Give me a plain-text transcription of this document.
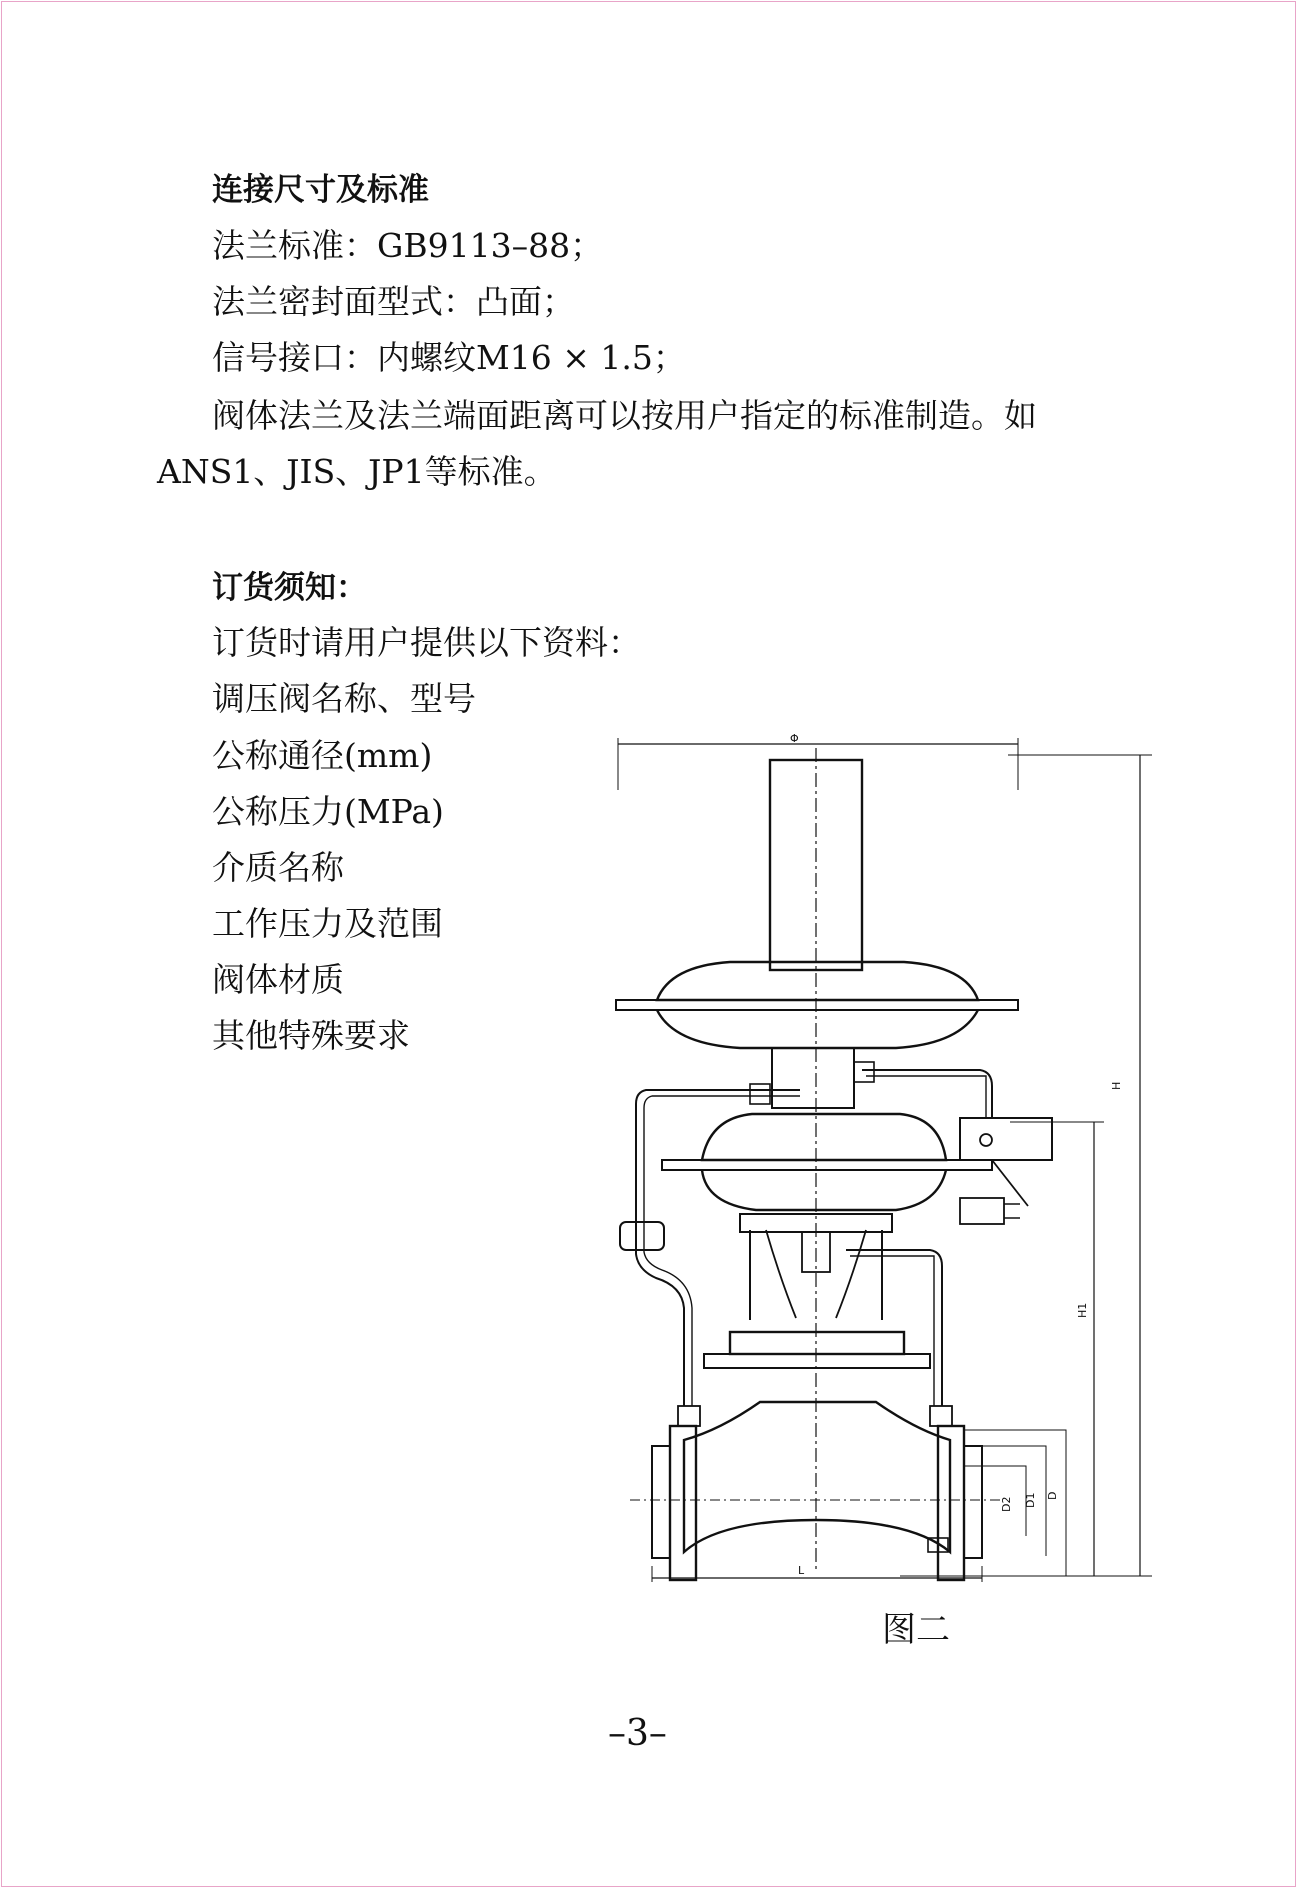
连接尺寸及标准
法兰标准：GB9113–88；
法兰密封面型式：凸面；
信号接口：内螺纹M16 × 1.5；
阀体法兰及法兰端面距离可以按用户指定的标准制造。如
ANS1、JIS、JP1等标准。
订货须知：
订货时请用户提供以下资料：
调压阀名称、型号
公称通径(mm)
公称压力(MPa)
介质名称
工作压力及范围
阀体材质
其他特殊要求
Φ
H
H1
D2 D1 D
L
图二
–3–
